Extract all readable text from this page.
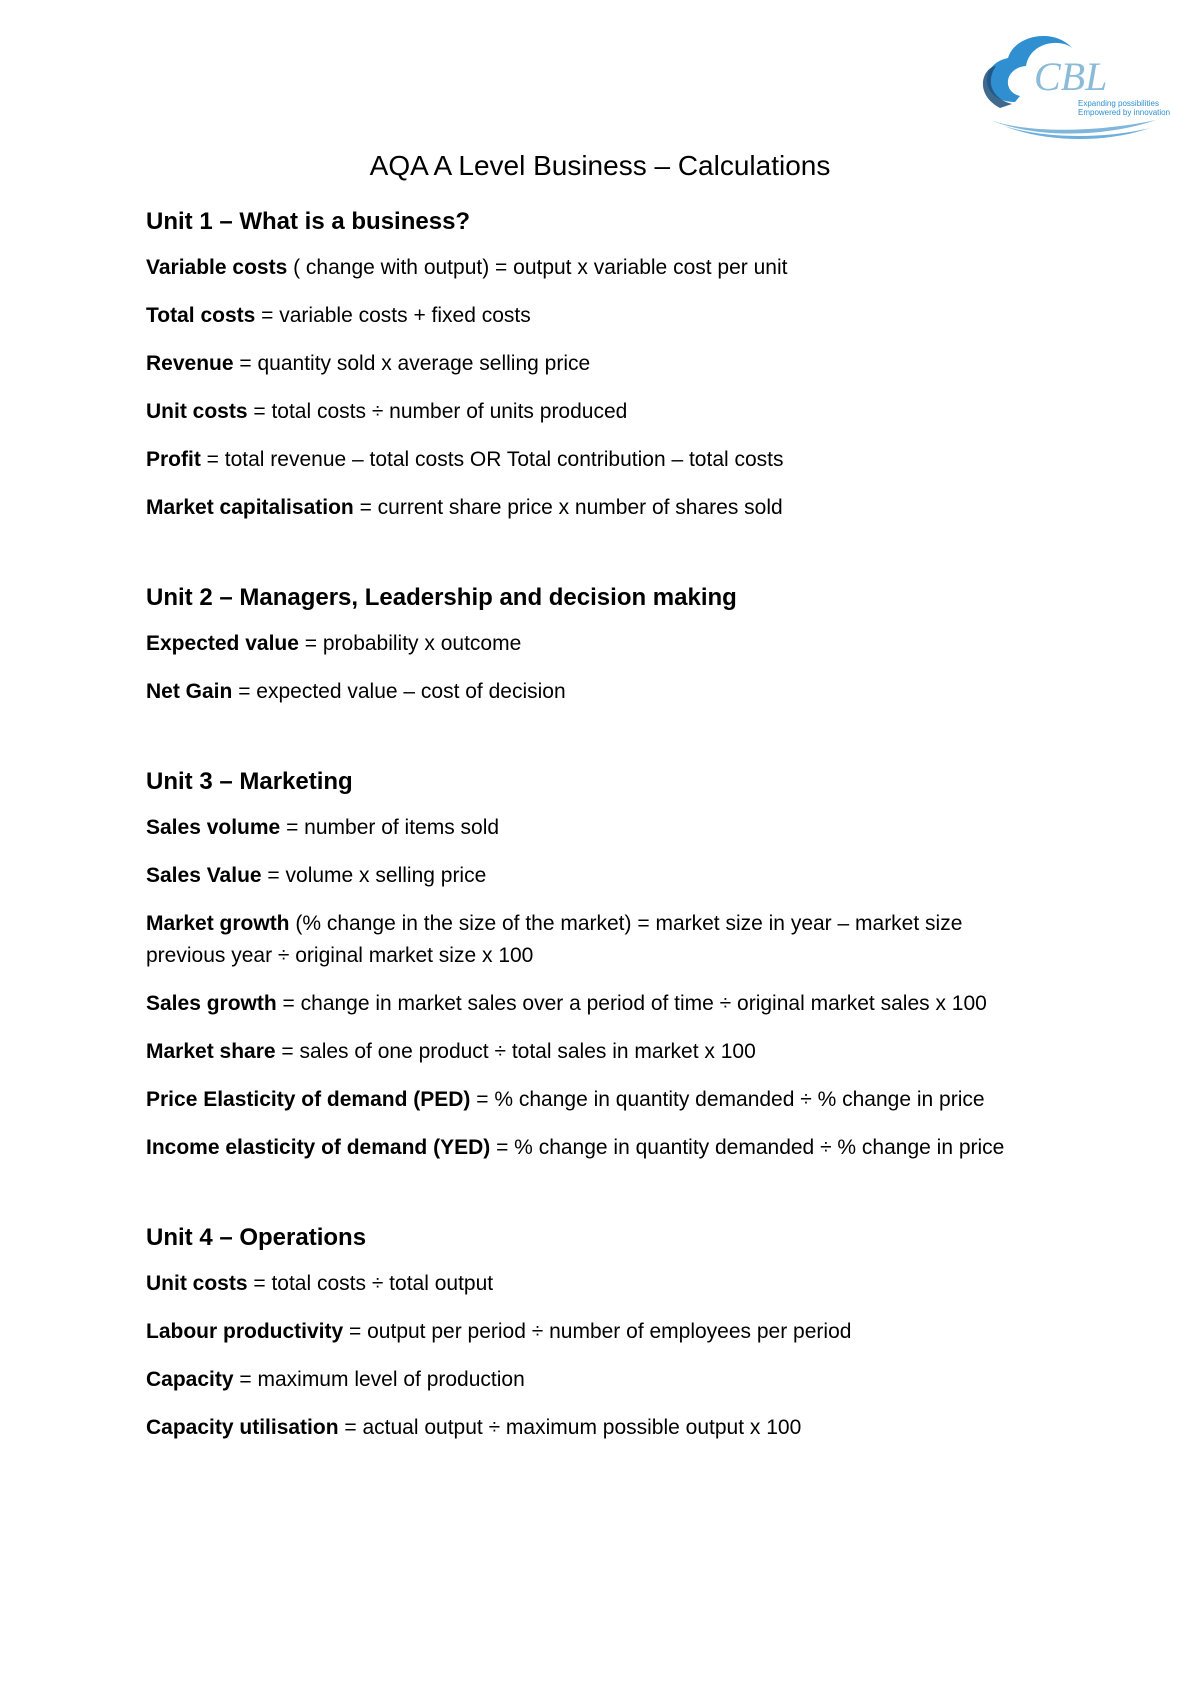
CBL
Expanding possibilities
Empowered by innovation
AQA A Level Business – Calculations
Unit 1 – What is a business?
Variable costs ( change with output) = output x variable cost per unit
Total costs = variable costs + fixed costs
Revenue = quantity sold x average selling price
Unit costs = total costs ÷ number of units produced
Profit = total revenue – total costs OR Total contribution – total costs
Market capitalisation = current share price x number of shares sold
Unit 2 – Managers, Leadership and decision making
Expected value = probability x outcome
Net Gain = expected value – cost of decision
Unit 3 – Marketing
Sales volume = number of items sold
Sales Value = volume x selling price
Market growth (% change in the size of the market) = market size in year – market size previous year ÷ original market size x 100
Sales growth = change in market sales over a period of time ÷ original market sales x 100
Market share = sales of one product ÷ total sales in market x 100
Price Elasticity of demand (PED) = % change in quantity demanded ÷ % change in price
Income elasticity of demand (YED) = % change in quantity demanded ÷ % change in price
Unit 4 – Operations
Unit costs = total costs ÷ total output
Labour productivity = output per period ÷ number of employees per period
Capacity = maximum level of production
Capacity utilisation = actual output ÷ maximum possible output x 100
